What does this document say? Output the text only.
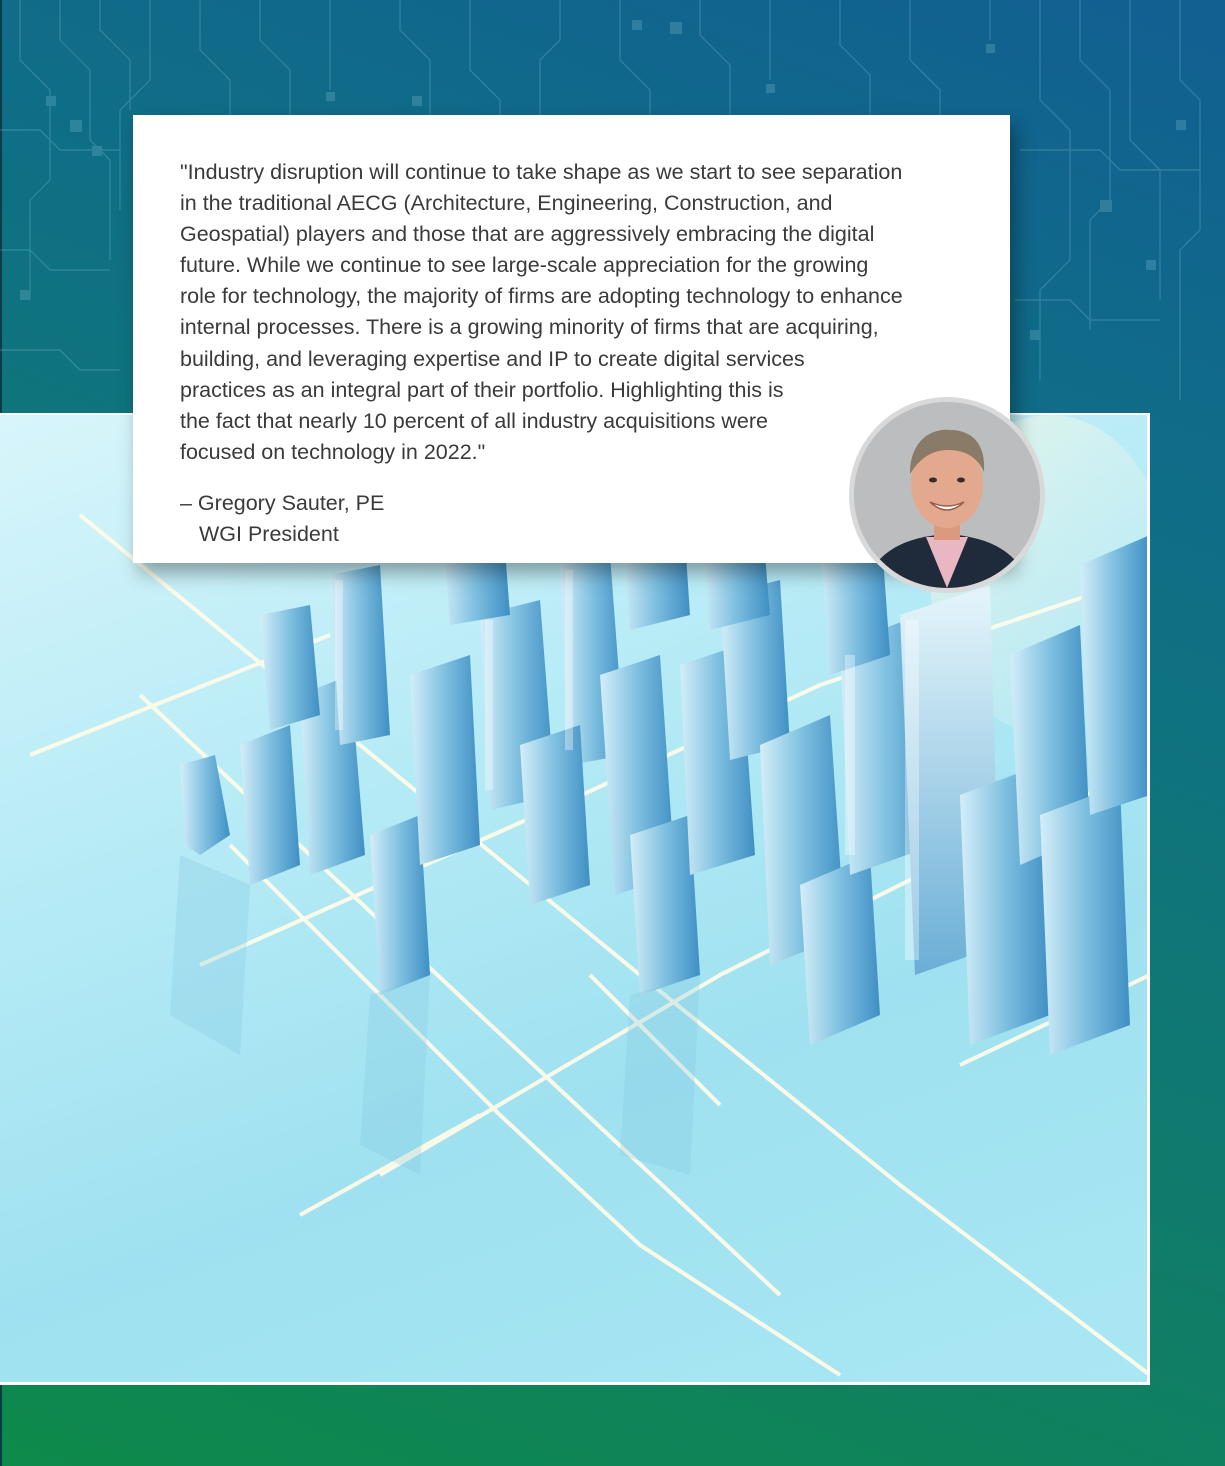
"Industry disruption will continue to take shape as we start to see separation
in the traditional AECG (Architecture, Engineering, Construction, and
Geospatial) players and those that are aggressively embracing the digital
future. While we continue to see large-scale appreciation for the growing
role for technology, the majority of firms are adopting technology to enhance
internal processes. There is a growing minority of firms that are acquiring,
building, and leveraging expertise and IP to create digital services
practices as an integral part of their portfolio. Highlighting this is
the fact that nearly 10 percent of all industry acquisitions were
focused on technology in 2022."

– Gregory Sauter, PE
WGI President
